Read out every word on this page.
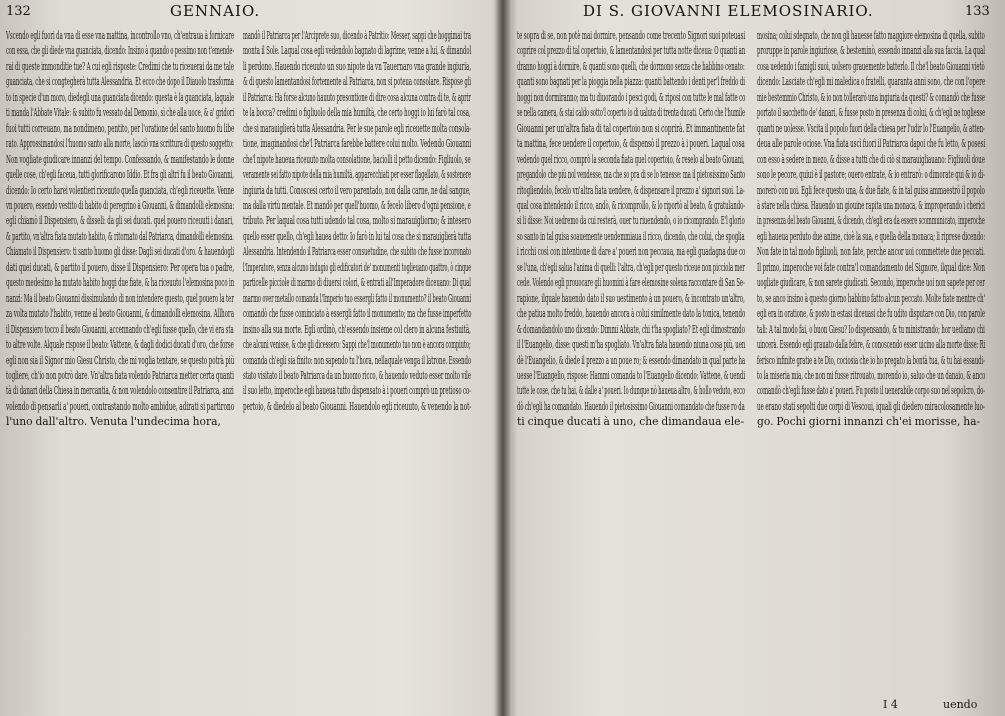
132	GENNAIO.
Vscendo egli fuori da vna di esse vna mattina, incontrollo vno, ch'entraua à fornicare
con essa, che gli diede vna guanciata, dicendo: Insino à quando o pessimo non t'emende-
rai di queste immonditie tue? A cui egli risposte: Credimi che tu riceuerai da me tale
guanciata, che si congtegherà tutta Alessandria. Et ecco che dopo il Diauolo trasforma
to in specie d'un moro, diedegli una guanciata dicendo: questa è la guanciata, laquale
ti manda l'Abbate Vitale: & subito fu vessato dal Demonio, sì che alla uoce, & a' gridori
fuoi tutti correuano, ma nondimeno, pentito, per l'oratione del santo huomo fu libe
rato. Approssimandosi l'huomo santo alla morte, lasciò vna scrittura di questo soggetto:
Non vogliate giudicare innanzi del tempo. Confessando, & manifestando le donne
quelle cose, ch'egli faceua, tutti glorificarono Iddio. Et fra gli altri fu il beato Giouanni,
dicendo: Io certo harei volentieri riceuuto quella guanciata, ch'egli riceuette. Venne
vn pouero, essendo vestito di habito di peregrino à Giouanni, & dimandolli elemosina:
egli chiamò il Dispensiero, & disseli: da gli sei ducati. quel pouero riceuuti i danari,
& partito, vn'altra fiata mutato habito, & ritornato dal Patriarca, dimandolli elemosina.
Chiamato il Dispensiero: ti santo huomo gli disse: Dagli sei ducati d'oro. & hauendogli
dati quei ducati, & partito il pouero, disse il Dispensiero: Per opera tua o padre,
questo medesimo ha mutato habito hoggi due fiate, & ha riceuuto l'elemosina poco in
nanzi: Ma il beato Giouanni dissimulando di non intendere questo, quel pouero la ter
za volta mutato l'habito, venne al beato Giouanni, & dimandolli elemosina. Allhora
il Dispensiero tocco il beato Giouanni, accennando ch'egli fusse quello, che vi era sta
to altre volte. Alquale rispose il beato: Vattene, & dagli dodici ducati d'oro, che forse
egli non sia il Signor mio Giesu Christo, che mi voglia tentare, se questo potrà più
togliere, ch'io non potrò dare. Vn'altra fiata volendo Patriarca metter certa quanti
tà di danari della Chiesa in mercantia, & non volendolo consentire il Patriarca, anzi
volendo di pensarli a' poueri, contrastando molto ambidue, adirati si partirono
l'uno dall'altro. Venuta l'undecima hora,
mandò il Patriarca per l'Arciprete suo, dicendo à Patritio: Messer, sappi che hoggimai tra
monta il Sole. Laqual cosa egli vedendolo bagnato di lagrime, venne a lui, & dimandol
li perdono. Hauendo riceuuto un suo nipote da vn Tauernaro vna grande ingiuria,
& di questo lamentandosi fortemente al Patriarca, non si poteua consolare. Rispose gli
il Patriarca: Ha forse alcuno hauuto presontione di dire cosa alcuna contra di te, & aprir
te la bocca? credimi o figliuolo della mia humiltà, che certo hoggi io lui farò tal cosa,
che si marauiglierà tutta Alessandria. Per le sue parole egli riceuette molta consola-
tione, imaginandosi che'l Patriarca farebbe battere colui molto. Vedendo Giouanni
che'l nipote haueua riceuuto molta consolatione, baciolli il petto dicendo: Figliuolo, se
veramente sei fatto nipote della mia humiltà, apparecchiati per esser flagellato, & sostenere
ingiuria da tutti. Conoscesi certo il vero parentado, non dalla carne, ne dal sangue,
ma dalla virtù mentale. Et mandò per quell'huomo, & fecelo libero d'ogni pensione, e
tributo. Per laqual cosa tutti udendo tal cosa, molto si marauigliorno; & intesero
quello esser quello, ch'egli hauea detto: Io farò in lui tal cosa che si marauiglierà tutta
Alessandria. Intendendo il Patriarca esser consuetudine, che subito che fusse incoronato
l'Imperatore, senza alcuno indugio gli edificatori de' monumenti toglieuano quattro, ò cinque
particelle picciole di marmo di diuersi colori, & entrati all'Imperadore diceuano: Di qual
marmo over metallo comanda l'Imperio tuo essergli fatto il monumento? il beato Giouanni
comandò che fusse cominciato à essergli fatto il monumento; ma che fusse imperfetto
insino alla sua morte. Egli ordinò, ch'essendo insieme col clero in alcuna festiuità,
che alcuni venisse, & che gli dicessero: Sappi che'l monumento tuo non è ancora compiuto;
comanda ch'egli sia finito: non sapendo tu l'hora, nellaquale venga il latrone. Essendo
stato visitato il beato Patriarca da un huomo ricco, & hauendo veduto esser molto vile
il suo letto, imperoche egli haueua tutto dispensato à i poueri comprò un pretioso co-
pertoio, & diedelo al beato Giouanni. Hauendolo egli riceuuto, & venendo la not-
DI S. GIOVANNI ELEMOSINARIO.	133
te sopra di se, non potè mai dormire, pensando come trecento Signori suoi poteuasi
coprire col prezzo di tal copertoio, & lamentandosi per tutta notte diceua: O quanti an
dranno hoggi à dormire, & quanti sono quelli, che dormono senza che habbino cenato:
quanti sono bagnati per la pioggia nella piazza: quanti battendo i denti per'l freddo di
hoggi non dormiranno; ma tu diuorando i pesci godi, & riposi con tutte le mal fatte co
se nella camera, & stai caldo sotto'l coperto io di ualuta di trenta ducati. Certo che l'humile
Giouanni per un'altra fiata di tal copertoio non si coprirà. Et immantinente fat
ta mattina, fece uendere il copertoio, & dispensò il prezzo à i poueri. Laqual cosa
vedendo quel ricco, comprò la seconda fiata quel copertoio, & reselo al beato Giouani,
pregandolo che più nol vendesse, ma che so pra di se lo tenesse: ma il pietosissimo Santo
ritogliendolo, fecelo vn'altra fiata uendere, & dispensare il prezzo a' signori suoi. La-
qual cosa intendendo il ricco, andò, & ricomprollo, & lo riportò al beato, & gratulando-
si li disse: Noi uedremo da cui resterà, ouer tu riuendendo, o io ricomprando. E'l glorio
so santo in tal guisa soauemente uendemmiaua il ricco, dicendo, che colui, che spoglia
i ricchi così con intentione di dare a' poueri non peccaua, ma egli guadagna due co
se l'una, ch'egli salua l'anima di quelli: l'altra, ch'egli per questo riceue non picciola mer
cede. Volendo egli prouocare gli huomini à fare elemosine soleua raccontare di San Se-
rapione, ilquale hauendo dato il suo uestimento à un pouero, & incontrato un'altro,
che patiua molto freddo, hauendo ancora à colui similmente dato la tonica, tenendo
& domandandolo uno dicendo: Dimmi Abbate, chi t'ha spogliato? Et egli dimostrando
il l'Euangelio, disse: questi m'ha spogliato. Vn'altra fiata hauendo niuna cosa più, uen
dè l'Euangelio, & diede il prezzo a un poue ro; & essendo dimandato in qual parte ha
uesse l'Euangelio, rispose: Hammi comanda to l'Euangelio dicendo: Vattene, & uendi
tutte le cose, che tu hai, & dalle a' poueri. Io dunque nò haueua altro, & hollo veduto, ecco
dò ch'egli ha comandato. Hauendo il pietosissimo Giouanni comandato che fusse ro da
ti cinque ducati à uno, che dimandaua ele-
mosina; colui sdegnato, che non gli hauesse fatto maggiore elemosina di quella, subito
proruppe in parole ingiuriose, & besteminò, essendo innanzi alla sua faccia. La qual
cosa uedendo i famigli suoi, uolsero grauemente batterlo. Il che'l beato Giouanni vietò
dicendo: Lasciate ch'egli mi maledica o fratelli, quaranta anni sono, che con l'opere
mie bestemmio Christo, & io non tollerarò una ingiuria da questi? & comandò che fusse
portato il sacchetto de' danari, & fusse posto in presenza di colui, & ch'egli ne togliesse
quanti ne uolesse. Vscita il popolo fuori della chiesa per l'udir lo l'Euangelio, & atten-
deua alle parole ociose. Vna fiata uscì fuori il Patriarca dapoi che fu letto, & posesi
con esso à sedere in mezo, & disse a tutti che di ciò si marauigliauano: Figliuoli doue
sono le pecore, quiui è il pastore; ouero entrate, & io entrarò: o dimorate qui & io di-
morerò con uoi. Egli fece questo una, & due fiate, & in tal guisa ammaestrò il popolo
à stare nella chiesa. Hauendo un giouine rapita una monaca, & improperando i cherici
in presenza del beato Giouanni, & dicendo, ch'egli era da essere scommunicato, imperoche
egli haueua perduto due anime, cioè la sua, e quella della monaca; li riprese dicendo:
Non fate in tal modo figliuoli, non fate, perche ancor uoi commettete due peccati.
Il primo, imperoche voi fate contra'l comandamento del Signore, ilqual dice: Non
uogliate giudicare, & non sarete giudicati. Secondo, imperoche uoi non sapete per cer
to, se anco insino à questo giorno habbino fatto alcun peccato. Molte fiate mentre ch'
egli era in oratione, & posto in estasi diceuasi che fu udito disputare con Dio, con parole
tali: A tal modo fai, o buon Giesu? Io dispensando, & tu ministrando; hor uediamo chi
uincerà. Essendo egli grauato dalla febre, & conoscendo esser uicino alla morte disse: Ri
ferisco infinite gratie a te Dio, cociosia che io ho pregato la bontà tua, & tu hai essaudi-
to la miseria mia, che non mi fusse ritrouato, morendo io, saluo che un danaio, & anco
comandò ch'egli fusse dato a' poueri. Fu posto il uenerabile corpo suo nel sepolcro, do-
ue erano stati sepolti due corpi di Vescoui, iquali gli diedero miracolosamente luo-
go. Pochi giorni innanzi ch'ei morisse, ha-
I 4	uendo
